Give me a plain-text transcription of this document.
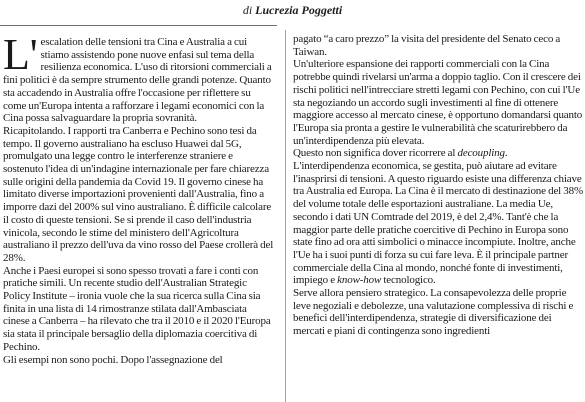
di Lucrezia Poggetti

L' escalation delle tensioni tra Cina e Australia a cui stiamo assistendo pone nuove enfasi sul tema della resilienza economica. L'uso di ritorsioni commerciali a fini politici è da sempre strumento delle grandi potenze. Quanto sta accadendo in Australia offre l'occasione per riflettere su come un'Europa intenta a rafforzare i legami economici con la Cina possa salvaguardare la propria sovranità.

Ricapitolando. I rapporti tra Canberra e Pechino sono tesi da tempo. Il governo australiano ha escluso Huawei dal 5G, promulgato una legge contro le interferenze straniere e sostenuto l'idea di un'indagine internazionale per fare chiarezza sulle origini della pandemia da Covid 19. Il governo cinese ha limitato diverse importazioni provenienti dall'Australia, fino a imporre dazi del 200% sul vino australiano. È difficile calcolare il costo di queste tensioni. Se si prende il caso dell'industria vinicola, secondo le stime del ministero dell'Agricoltura australiano il prezzo dell'uva da vino rosso del Paese crollerà del 28%.

Anche i Paesi europei si sono spesso trovati a fare i conti con pratiche simili. Un recente studio dell'Australian Strategic Policy Institute – ironia vuole che la sua ricerca sulla Cina sia finita in una lista di 14 rimostranze stilata dall'Ambasciata cinese a Canberra – ha rilevato che tra il 2010 e il 2020 l'Europa sia stata il principale bersaglio della diplomazia coercitiva di Pechino.

Gli esempi non sono pochi. Dopo l'assegnazione del

pagato “a caro prezzo” la visita del presidente del Senato ceco a Taiwan.

Un'ulteriore espansione dei rapporti commerciali con la Cina potrebbe quindi rivelarsi un'arma a doppio taglio. Con il crescere dei rischi politici nell'intrecciare stretti legami con Pechino, con cui l'Ue sta negoziando un accordo sugli investimenti al fine di ottenere maggiore accesso al mercato cinese, è opportuno domandarsi quanto l'Europa sia pronta a gestire le vulnerabilità che scaturirebbero da un'interdipendenza più elevata.

Questo non significa dover ricorrere al decoupling. L'interdipendenza economica, se gestita, può aiutare ad evitare l'inasprirsi di tensioni. A questo riguardo esiste una differenza chiave tra Australia ed Europa. La Cina è il mercato di destinazione del 38% del volume totale delle esportazioni australiane. La media Ue, secondo i dati UN Comtrade del 2019, è del 2,4%. Tant'è che la maggior parte delle pratiche coercitive di Pechino in Europa sono state fino ad ora atti simbolici o minacce incompiute. Inoltre, anche l'Ue ha i suoi punti di forza su cui fare leva. È il principale partner commerciale della Cina al mondo, nonché fonte di investimenti, impiego e know-how tecnologico.

Serve allora pensiero strategico. La consapevolezza delle proprie leve negoziali e debolezze, una valutazione complessiva di rischi e benefici dell'interdipendenza, strategie di diversificazione dei mercati e piani di contingenza sono ingredienti
